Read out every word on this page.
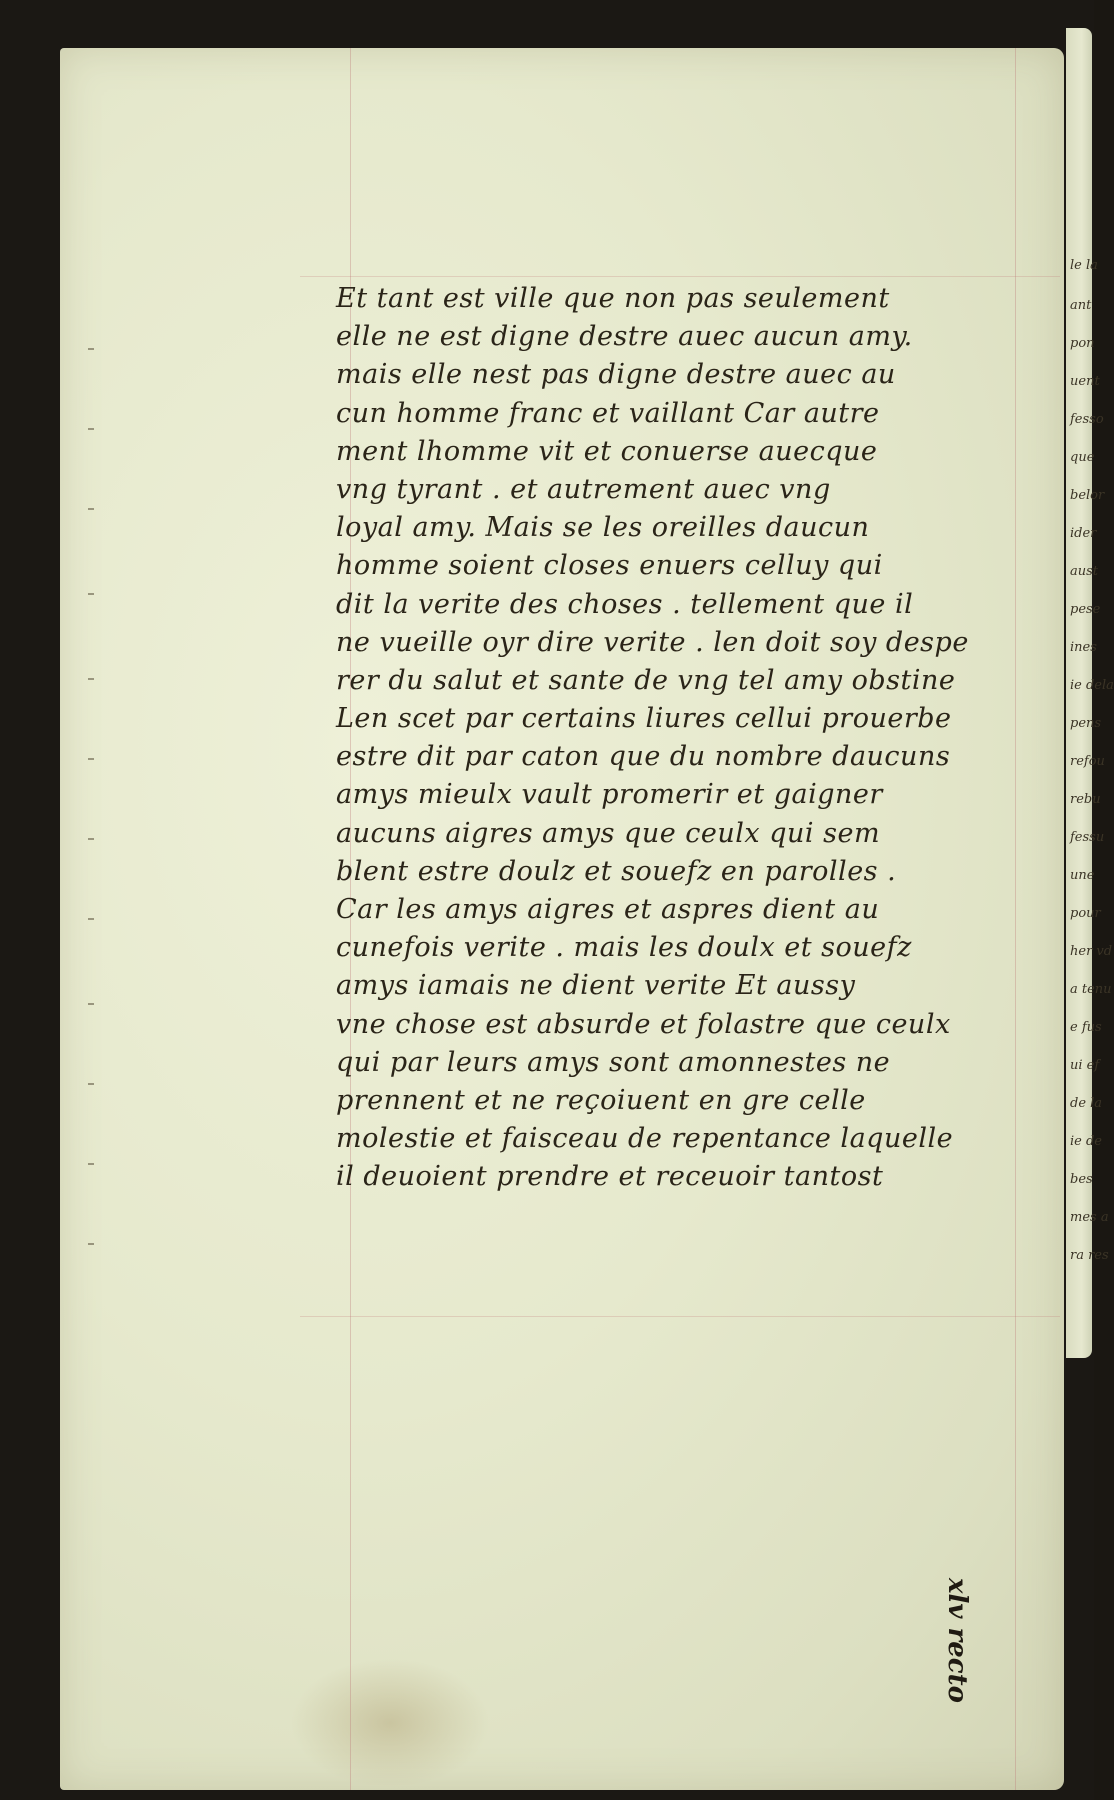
le la
ant
pon
uent
fesso
que
belor
ider
aust
pese
ines
ie dela
pens
refou
rebu
fessu
une
pour
her vd
a tenu
e fus
ui ef
de la
ie de
bes
mes a
ra res
Et tant est ville que non pas seulement
elle ne est digne destre auec aucun amy.
mais elle nest pas digne destre auec au
cun homme franc et vaillant Car autre
ment lhomme vit et conuerse auecque
vng tyrant . et autrement auec vng
loyal amy. Mais se les oreilles daucun
homme soient closes enuers celluy qui
dit la verite des choses . tellement que il
ne vueille oyr dire verite . len doit soy despe
rer du salut et sante de vng tel amy obstine
Len scet par certains liures cellui prouerbe
estre dit par caton que du nombre daucuns
amys mieulx vault promerir et gaigner
aucuns aigres amys que ceulx qui sem
blent estre doulz et souefz en parolles .
Car les amys aigres et aspres dient au
cunefois verite . mais les doulx et souefz
amys iamais ne dient verite Et aussy
vne chose est absurde et folastre que ceulx
qui par leurs amys sont amonnestes ne
prennent et ne reçoiuent en gre celle
molestie et faisceau de repentance laquelle
il deuoient prendre et receuoir tantost
xlv recto
